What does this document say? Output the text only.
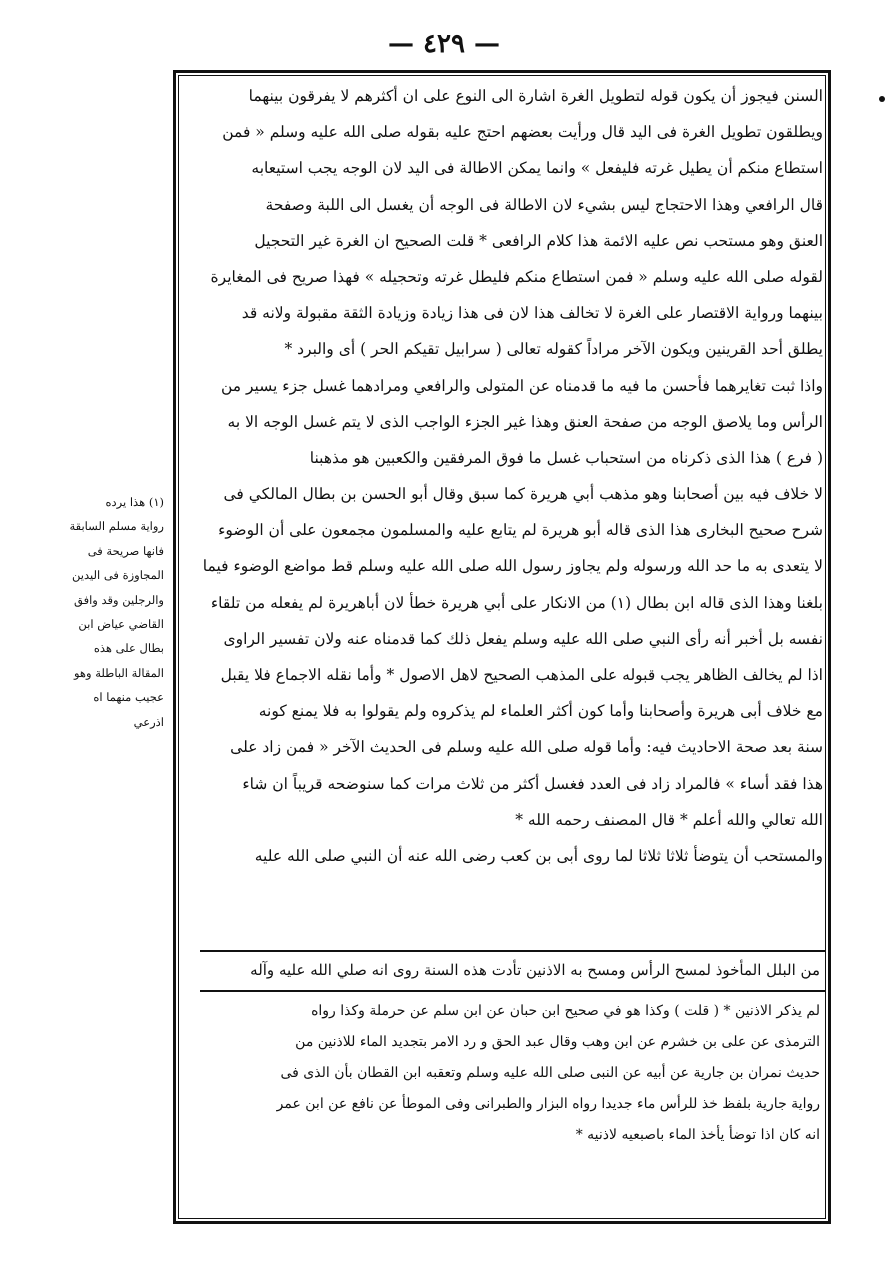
— ٤٢٩ —
السنن فيجوز أن يكون قوله لتطويل الغرة اشارة الى النوع على ان أكثرهم لا يفرقون بينهما
ويطلقون تطويل الغرة فى اليد قال ورأيت بعضهم احتج عليه بقوله صلى الله عليه وسلم « فمن
استطاع منكم أن يطيل غرته فليفعل » وانما يمكن الاطالة فى اليد لان الوجه يجب استيعابه
قال الرافعي وهذا الاحتجاج ليس بشيء لان الاطالة فى الوجه أن يغسل الى اللبة وصفحة
العنق وهو مستحب نص عليه الائمة هذا كلام الرافعى * قلت الصحيح ان الغرة غير التحجيل
لقوله صلى الله عليه وسلم « فمن استطاع منكم فليطل غرته وتحجيله » فهذا صريح فى المغايرة
بينهما ورواية الاقتصار على الغرة لا تخالف هذا لان فى هذا زيادة وزيادة الثقة مقبولة ولانه قد
يطلق أحد القرينين ويكون الآخر مراداً كقوله تعالى ( سرابيل تقيكم الحر ) أى والبرد *
واذا ثبت تغايرهما فأحسن ما فيه ما قدمناه عن المتولى والرافعي ومرادهما غسل جزء يسير من
الرأس وما يلاصق الوجه من صفحة العنق وهذا غير الجزء الواجب الذى لا يتم غسل الوجه الا به
( فرع ) هذا الذى ذكرناه من استحباب غسل ما فوق المرفقين والكعبين هو مذهبنا
لا خلاف فيه بين أصحابنا وهو مذهب أبي هريرة كما سبق وقال أبو الحسن بن بطال المالكي فى
شرح صحيح البخارى هذا الذى قاله أبو هريرة لم يتابع عليه والمسلمون مجمعون على أن الوضوء
لا يتعدى به ما حد الله ورسوله ولم يجاوز رسول الله صلى الله عليه وسلم قط مواضع الوضوء فيما
بلغنا وهذا الذى قاله ابن بطال (١) من الانكار على أبي هريرة خطأ لان أباهريرة لم يفعله من تلقاء
نفسه بل أخبر أنه رأى النبي صلى الله عليه وسلم يفعل ذلك كما قدمناه عنه ولان تفسير الراوى
اذا لم يخالف الظاهر يجب قبوله على المذهب الصحيح لاهل الاصول * وأما نقله الاجماع فلا يقبل
مع خلاف أبى هريرة وأصحابنا وأما كون أكثر العلماء لم يذكروه ولم يقولوا به فلا يمنع كونه
سنة بعد صحة الاحاديث فيه: وأما قوله صلى الله عليه وسلم فى الحديث الآخر « فمن زاد على
هذا فقد أساء » فالمراد زاد فى العدد فغسل أكثر من ثلاث مرات كما سنوضحه قريباً ان شاء
الله تعالي والله أعلم * قال المصنف رحمه الله *
والمستحب أن يتوضأ ثلاثا ثلاثا لما روى أبى بن كعب رضى الله عنه أن النبي صلى الله عليه
من البلل المأخوذ لمسح الرأس ومسح به الاذنين تأدت هذه السنة روى انه صلي الله عليه وآله
لم يذكر الاذنين * ( قلت ) وكذا هو في صحيح ابن حبان عن ابن سلم عن حرملة وكذا رواه
الترمذى عن على بن خشرم عن ابن وهب وقال عبد الحق و رد الامر بتجديد الماء للاذنين من
حديث نمران بن جارية عن أبيه عن النبى صلى الله عليه وسلم وتعقبه ابن القطان بأن الذى فى
رواية جارية بلفظ خذ للرأس ماء جديدا رواه البزار والطبرانى وفى الموطأ عن نافع عن ابن عمر
انه كان اذا توضأ يأخذ الماء باصبعيه لاذنيه *
(١) هذا يرده
رواية مسلم السابقة
فانها صريحة فى
المجاوزة فى اليدين
والرجلين وقد وافق
القاضي عياض ابن
بطال على هذه
المقالة الباطلة وهو
عجيب منهما اه
اذرعي
